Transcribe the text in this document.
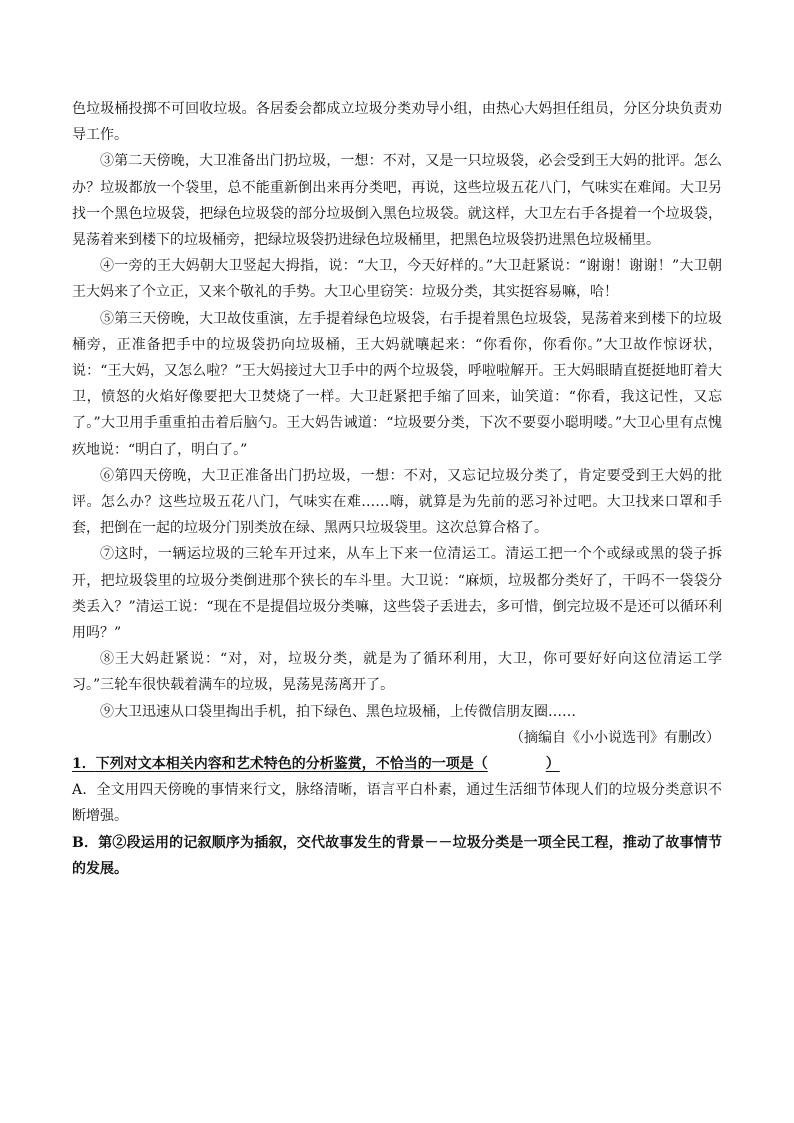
色垃圾桶投掷不可回收垃圾。各居委会都成立垃圾分类劝导小组，由热心大妈担任组员，分区分块负责劝导工作。

③第二天傍晚，大卫准备出门扔垃圾，一想：不对，又是一只垃圾袋，必会受到王大妈的批评。怎么办？垃圾都放一个袋里，总不能重新倒出来再分类吧，再说，这些垃圾五花八门，气味实在难闻。大卫另找一个黑色垃圾袋，把绿色垃圾袋的部分垃圾倒入黑色垃圾袋。就这样，大卫左右手各提着一个垃圾袋，晃荡着来到楼下的垃圾桶旁，把绿垃圾袋扔进绿色垃圾桶里，把黑色垃圾袋扔进黑色垃圾桶里。

④一旁的王大妈朝大卫竖起大拇指，说：“大卫，今天好样的。”大卫赶紧说：“谢谢！谢谢！”大卫朝王大妈来了个立正，又来个敬礼的手势。大卫心里窃笑：垃圾分类，其实挺容易嘛，哈！

⑤第三天傍晚，大卫故伎重演，左手提着绿色垃圾袋，右手提着黑色垃圾袋，晃荡着来到楼下的垃圾桶旁，正准备把手中的垃圾袋扔向垃圾桶，王大妈就嚷起来：“你看你，你看你。”大卫故作惊讶状，说：“王大妈，又怎么啦？”王大妈接过大卫手中的两个垃圾袋，呼啦啦解开。王大妈眼睛直挺挺地盯着大卫，愤怒的火焰好像要把大卫焚烧了一样。大卫赶紧把手缩了回来，讪笑道：“你看，我这记性，又忘了。”大卫用手重重拍击着后脑勺。王大妈告诫道：“垃圾要分类，下次不要耍小聪明喽。”大卫心里有点愧疚地说：“明白了，明白了。”

⑥第四天傍晚，大卫正准备出门扔垃圾，一想：不对，又忘记垃圾分类了，肯定要受到王大妈的批评。怎么办？这些垃圾五花八门，气味实在难……嗨，就算是为先前的恶习补过吧。大卫找来口罩和手套，把倒在一起的垃圾分门别类放在绿、黑两只垃圾袋里。这次总算合格了。

⑦这时，一辆运垃圾的三轮车开过来，从车上下来一位清运工。清运工把一个个或绿或黑的袋子拆开，把垃圾袋里的垃圾分类倒进那个狭长的车斗里。大卫说：“麻烦，垃圾都分类好了，干吗不一袋袋分类丢入？”清运工说：“现在不是提倡垃圾分类嘛，这些袋子丢进去，多可惜，倒完垃圾不是还可以循环利用吗？”

⑧王大妈赶紧说：“对，对，垃圾分类，就是为了循环利用，大卫，你可要好好向这位清运工学习。”三轮车很快载着满车的垃圾，晃荡晃荡离开了。

⑨大卫迅速从口袋里掏出手机，拍下绿色、黑色垃圾桶，上传微信朋友圈……

（摘编自《小小说选刊》有删改）

1．下列对文本相关内容和艺术特色的分析鉴赏，不恰当的一项是（	）

A．全文用四天傍晚的事情来行文，脉络清晰，语言平白朴素，通过生活细节体现人们的垃圾分类意识不断增强。

B．第②段运用的记叙顺序为插叙，交代故事发生的背景－－垃圾分类是一项全民工程，推动了故事情节的发展。
